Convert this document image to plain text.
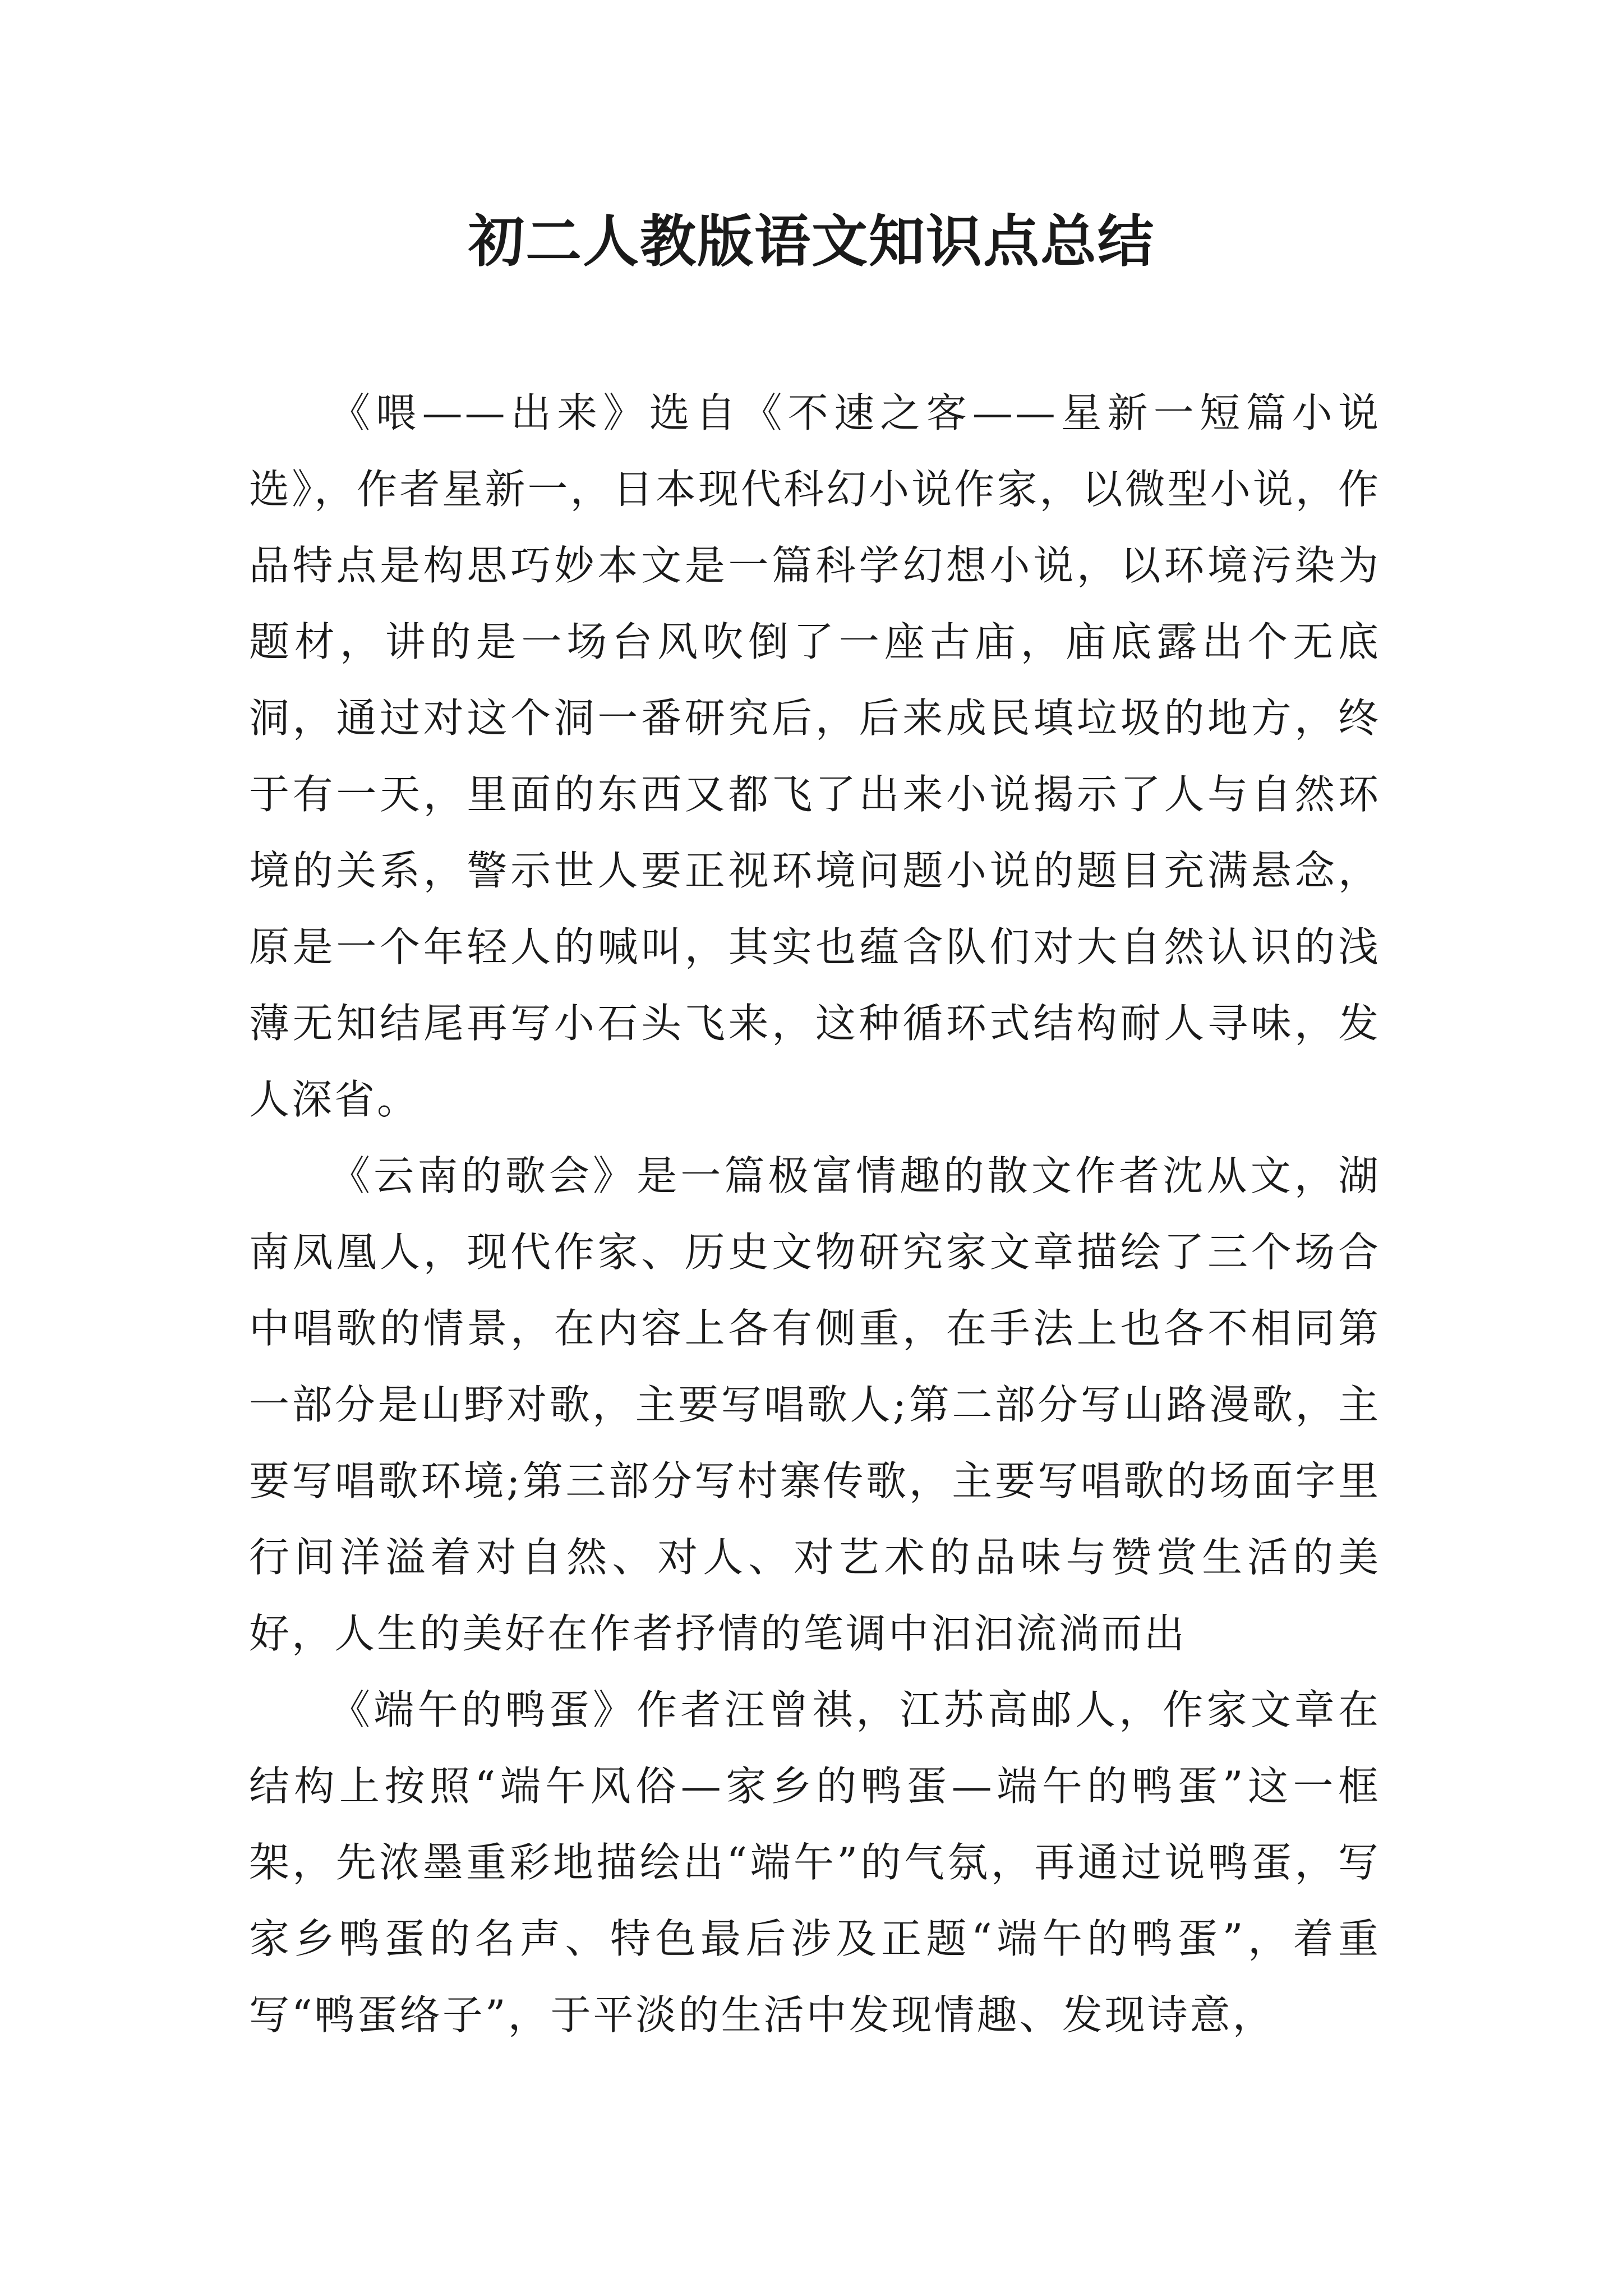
初二人教版语文知识点总结

《喂——出来》选自《不速之客——星新一短篇小说选》，作者星新一，日本现代科幻小说作家，以微型小说，作品特点是构思巧妙本文是一篇科学幻想小说，以环境污染为题材，讲的是一场台风吹倒了一座古庙，庙底露出个无底洞，通过对这个洞一番研究后，后来成民填垃圾的地方，终于有一天，里面的东西又都飞了出来小说揭示了人与自然环境的关系，警示世人要正视环境问题小说的题目充满悬念，原是一个年轻人的喊叫，其实也蕴含队们对大自然认识的浅薄无知结尾再写小石头飞来，这种循环式结构耐人寻味，发人深省。

《云南的歌会》是一篇极富情趣的散文作者沈从文，湖南凤凰人，现代作家、历史文物研究家文章描绘了三个场合中唱歌的情景，在内容上各有侧重，在手法上也各不相同第一部分是山野对歌，主要写唱歌人;第二部分写山路漫歌，主要写唱歌环境;第三部分写村寨传歌，主要写唱歌的场面字里行间洋溢着对自然、对人、对艺术的品味与赞赏生活的美好，人生的美好在作者抒情的笔调中汩汩流淌而出

《端午的鸭蛋》作者汪曾祺，江苏高邮人，作家文章在结构上按照“端午风俗—家乡的鸭蛋—端午的鸭蛋”这一框架，先浓墨重彩地描绘出“端午”的气氛，再通过说鸭蛋，写家乡鸭蛋的名声、特色最后涉及正题“端午的鸭蛋”，着重写“鸭蛋络子”，于平淡的生活中发现情趣、发现诗意，
